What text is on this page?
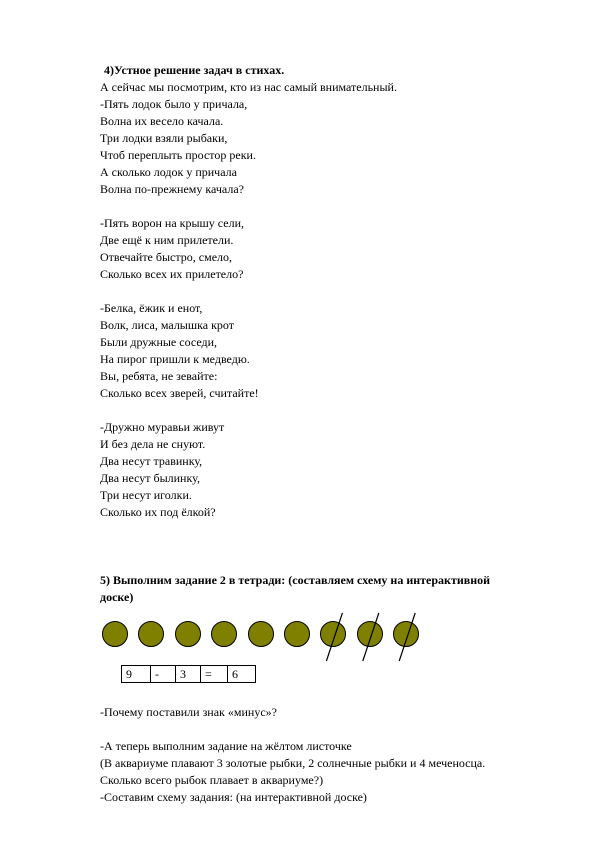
4)Устное решение задач в стихах.
А сейчас мы посмотрим, кто из нас самый внимательный.
-Пять лодок было у причала,
Волна их весело качала.
Три лодки взяли рыбаки,
Чтоб переплыть простор реки.
А сколько лодок у причала
Волна по-прежнему качала?
-Пять ворон на крышу сели,
Две ещё к ним прилетели.
Отвечайте быстро, смело,
Сколько всех их прилетело?
-Белка, ёжик и енот,
Волк, лиса, малышка крот
Были дружные соседи,
На пирог пришли к медведю.
Вы, ребята, не зевайте:
Сколько всех зверей, считайте!
-Дружно муравьи живут
И без дела не снуют.
Два несут травинку,
Два несут былинку,
Три несут иголки.
Сколько их под ёлкой?
5) Выполним задание 2 в тетради: (составляем схему на интерактивной
доске)
9	-	3	=	6
-Почему поставили знак «минус»?
-А теперь выполним задание на жёлтом листочке
(В аквариуме плавают 3 золотые рыбки, 2 солнечные рыбки и 4 меченосца.
Сколько всего рыбок плавает в аквариуме?)
-Составим схему задания: (на интерактивной доске)
